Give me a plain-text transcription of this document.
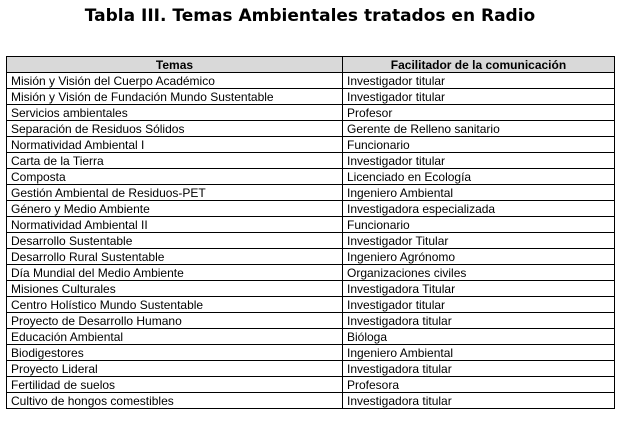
Tabla III. Temas Ambientales tratados en Radio
Temas	Facilitador de la comunicación
Misión y Visión del Cuerpo Académico	Investigador titular
Misión y Visión de Fundación Mundo Sustentable	Investigador titular
Servicios ambientales	Profesor
Separación de Residuos Sólidos	Gerente de Relleno sanitario
Normatividad Ambiental I	Funcionario
Carta de la Tierra	Investigador titular
Composta	Licenciado en Ecología
Gestión Ambiental de Residuos-PET	Ingeniero Ambiental
Género y Medio Ambiente	Investigadora especializada
Normatividad Ambiental II	Funcionario
Desarrollo Sustentable	Investigador Titular
Desarrollo Rural Sustentable	Ingeniero Agrónomo
Día Mundial del Medio Ambiente	Organizaciones civiles
Misiones Culturales	Investigadora Titular
Centro Holístico Mundo Sustentable	Investigador titular
Proyecto de Desarrollo Humano	Investigadora titular
Educación Ambiental	Bióloga
Biodigestores	Ingeniero Ambiental
Proyecto Lideral	Investigadora titular
Fertilidad de suelos	Profesora
Cultivo de hongos comestibles	Investigadora titular
